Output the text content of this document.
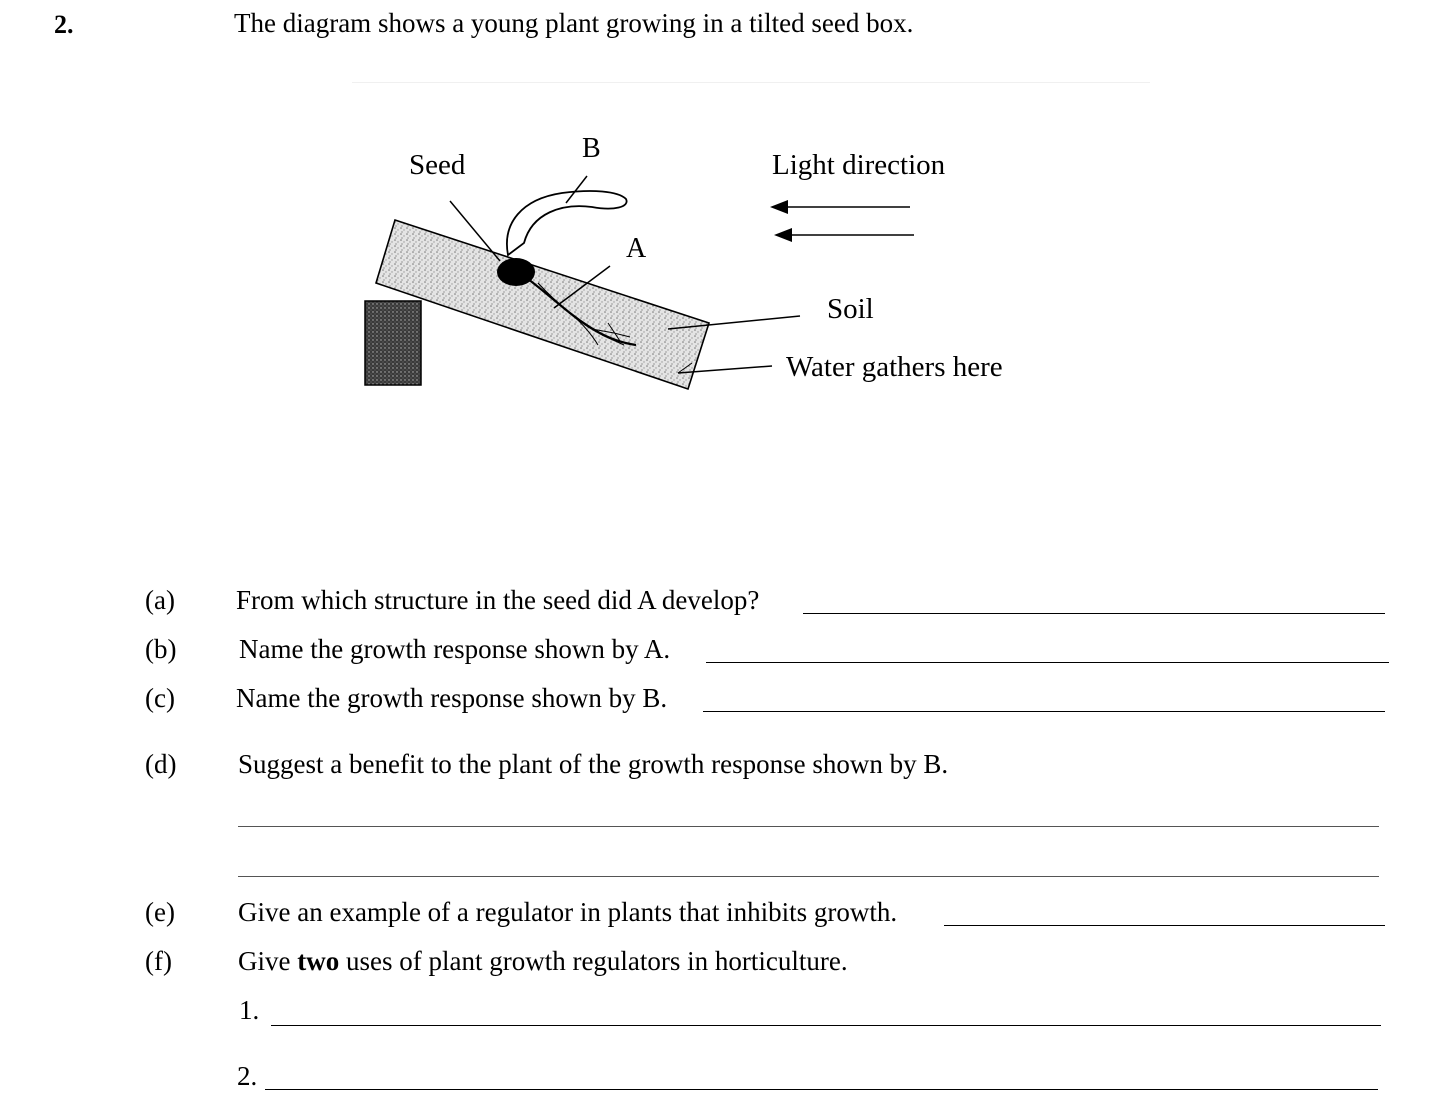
2.	The diagram shows a young plant growing in a tilted seed box.
Seed
B
A
Light direction
Soil
Water gathers here
(a) From which structure in the seed did A develop?
(b) Name the growth response shown by A.
(c) Name the growth response shown by B.
(d) Suggest a benefit to the plant of the growth response shown by B.
(e) Give an example of a regulator in plants that inhibits growth.
(f) Give two uses of plant growth regulators in horticulture.
1.
2.
